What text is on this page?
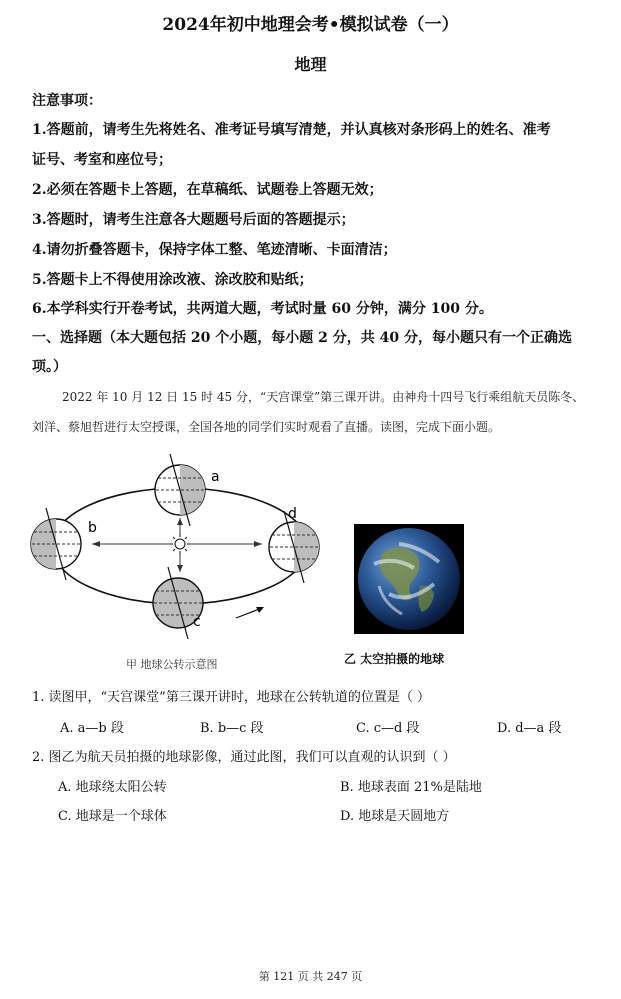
2024年初中地理会考•模拟试卷（一）
地理
注意事项：
1.答题前，请考生先将姓名、准考证号填写清楚，并认真核对条形码上的姓名、准考
证号、考室和座位号；
2.必须在答题卡上答题，在草稿纸、试题卷上答题无效；
3.答题时，请考生注意各大题题号后面的答题提示；
4.请勿折叠答题卡，保持字体工整、笔迹清晰、卡面清洁；
5.答题卡上不得使用涂改液、涂改胶和贴纸；
6.本学科实行开卷考试，共两道大题，考试时量 60 分钟，满分 100 分。
一、选择题（本大题包括 20 个小题，每小题 2 分，共 40 分，每小题只有一个正确选
项。）
2022 年 10 月 12 日 15 时 45 分，“天宫课堂”第三课开讲。由神舟十四号飞行乘组航天员陈冬、
刘洋、蔡旭哲进行太空授课，全国各地的同学们实时观看了直播。读图，完成下面小题。
a
b
c
d
甲 地球公转示意图	乙 太空拍摄的地球
1. 读图甲，“天宫课堂”第三课开讲时，地球在公转轨道的位置是（ ）
A. a—b 段	B. b—c 段	C. c—d 段	D. d—a 段
2. 图乙为航天员拍摄的地球影像，通过此图，我们可以直观的认识到（ ）
A. 地球绕太阳公转	B. 地球表面 21%是陆地
C. 地球是一个球体	D. 地球是天圆地方
第 121 页 共 247 页
